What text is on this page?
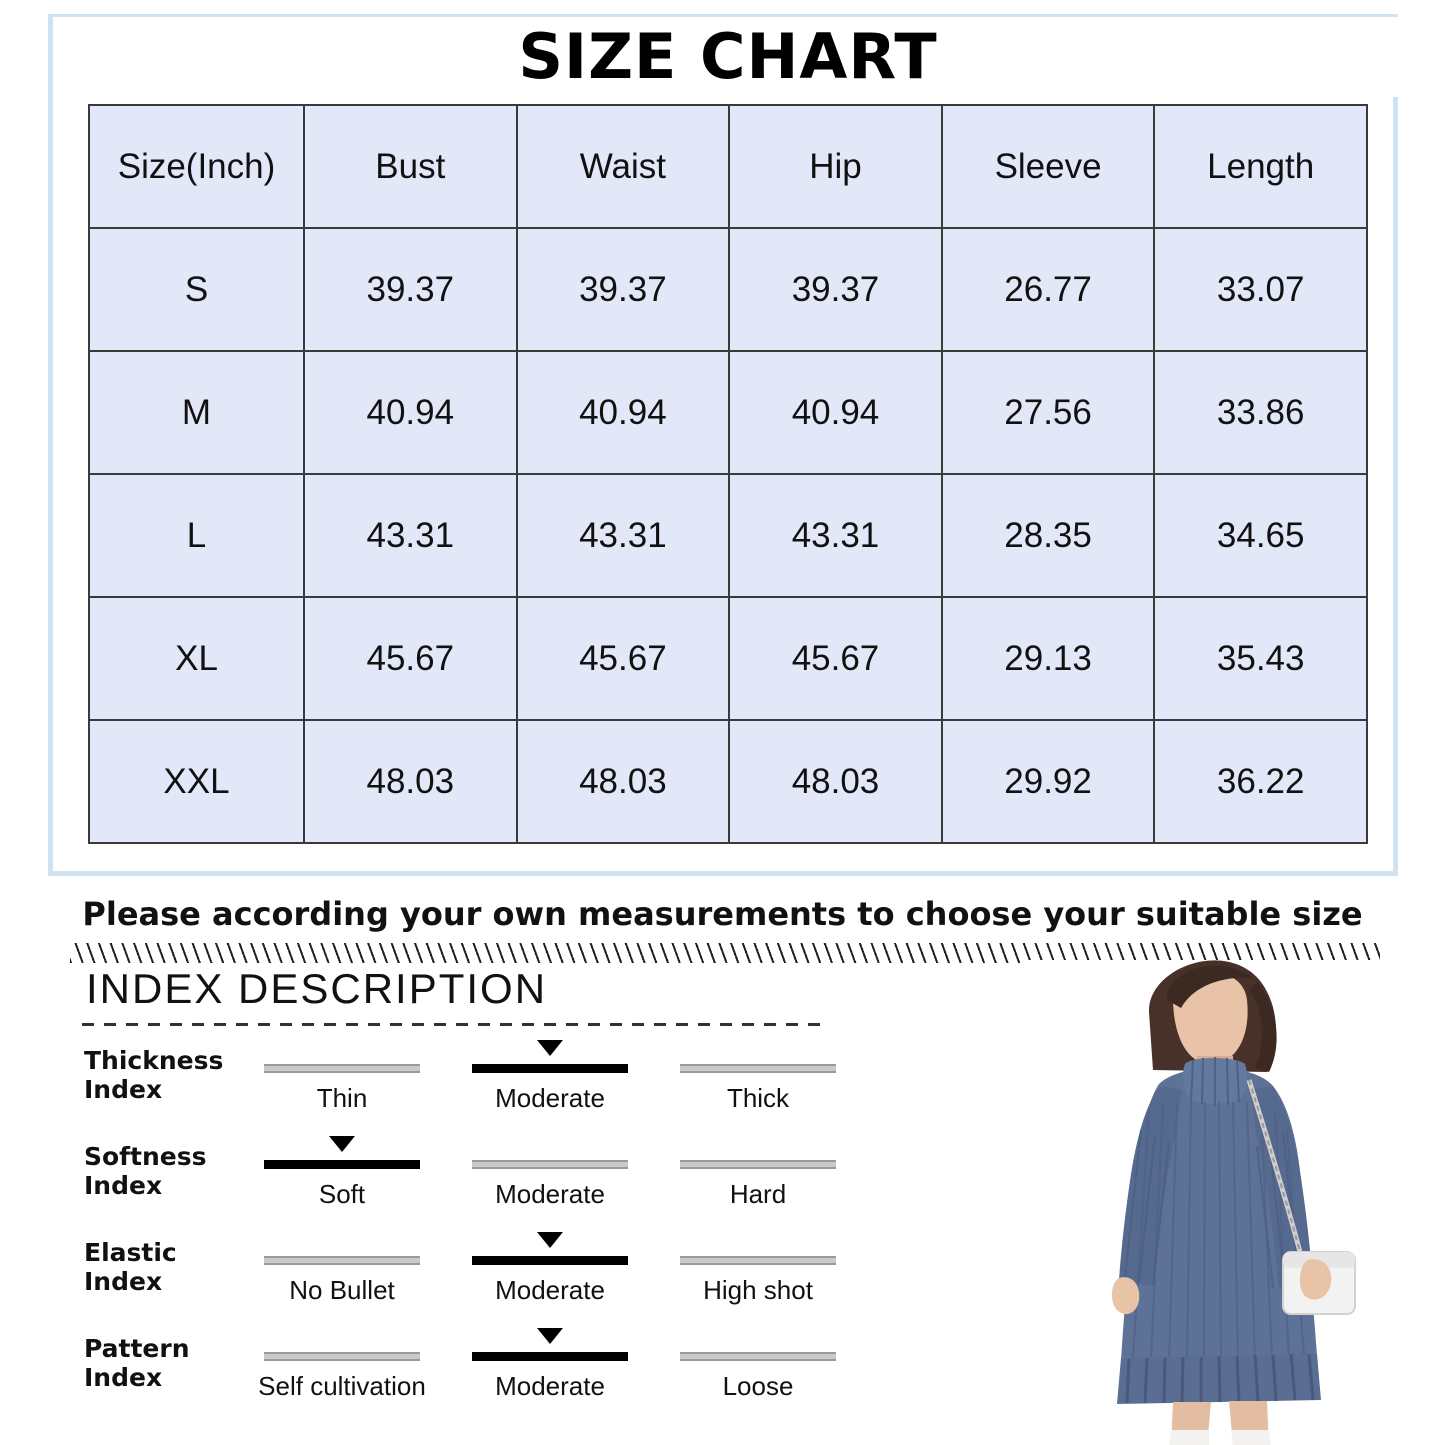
SIZE CHART
Size(Inch)	Bust	Waist	Hip	Sleeve	Length
S	39.37	39.37	39.37	26.77	33.07
M	40.94	40.94	40.94	27.56	33.86
L	43.31	43.31	43.31	28.35	34.65
XL	45.67	45.67	45.67	29.13	35.43
XXL	48.03	48.03	48.03	29.92	36.22
Please according your own measurements to choose your suitable size
INDEX DESCRIPTION
Thickness
Index	Thin	Moderate	Thick
Softness
Index	Soft	Moderate	Hard
Elastic
Index	No Bullet	Moderate	High shot
Pattern
Index	Self cultivation	Moderate	Loose
